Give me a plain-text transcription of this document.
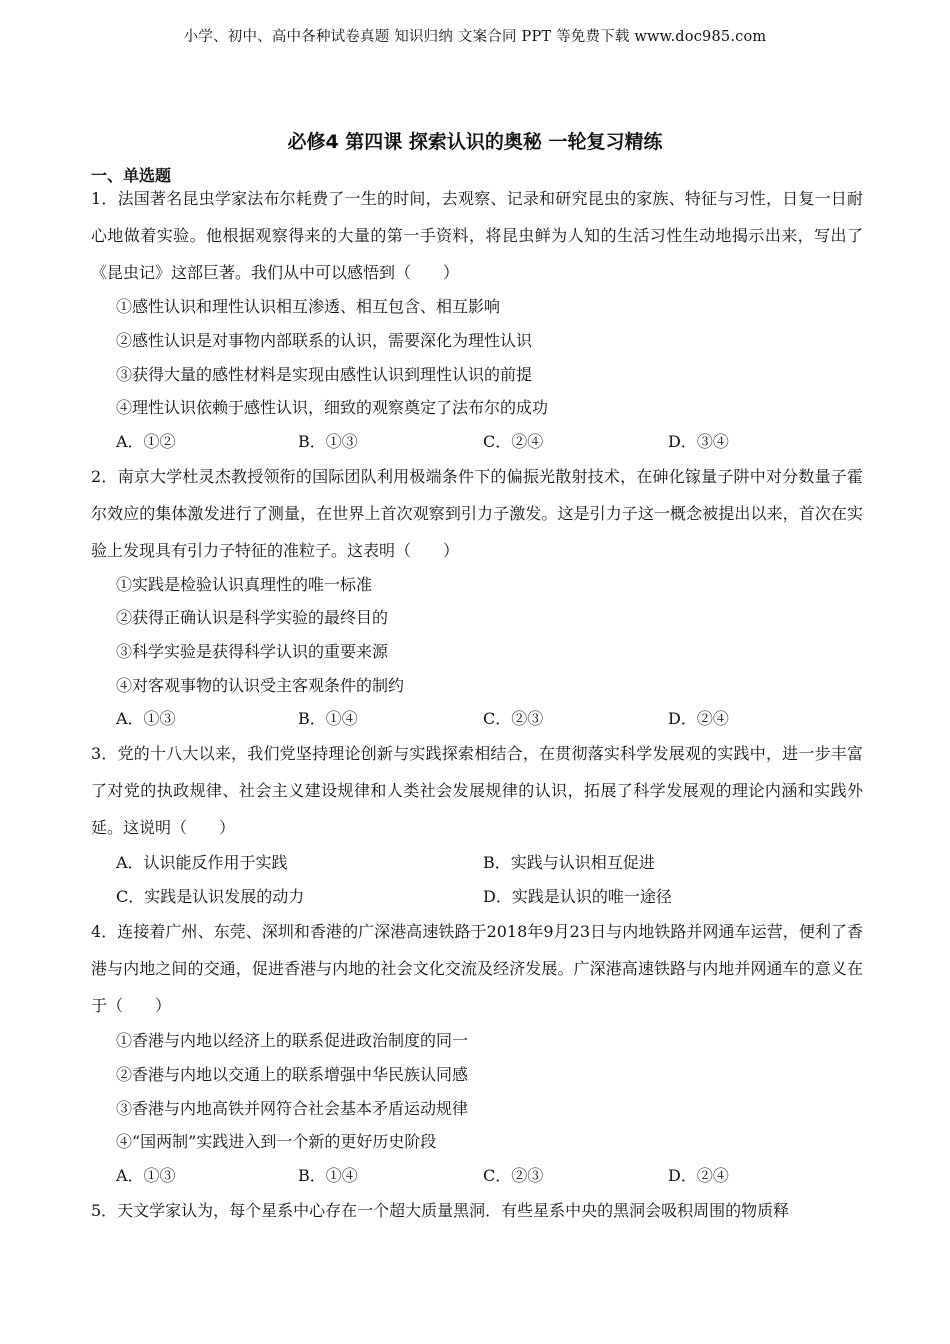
小学、初中、高中各种试卷真题 知识归纳 文案合同 PPT 等免费下载 www.doc985.com
必修4 第四课 探索认识的奥秘 一轮复习精练
一、单选题
1．法国著名昆虫学家法布尔耗费了一生的时间，去观察、记录和研究昆虫的家族、特征与习性，日复一日耐心地做着实验。他根据观察得来的大量的第一手资料，将昆虫鲜为人知的生活习性生动地揭示出来，写出了《昆虫记》这部巨著。我们从中可以感悟到（　　）
①感性认识和理性认识相互渗透、相互包含、相互影响
②感性认识是对事物内部联系的认识，需要深化为理性认识
③获得大量的感性材料是实现由感性认识到理性认识的前提
④理性认识依赖于感性认识，细致的观察奠定了法布尔的成功
A．①②	B．①③	C．②④	D．③④
2．南京大学杜灵杰教授领衔的国际团队利用极端条件下的偏振光散射技术，在砷化镓量子阱中对分数量子霍尔效应的集体激发进行了测量，在世界上首次观察到引力子激发。这是引力子这一概念被提出以来，首次在实验上发现具有引力子特征的准粒子。这表明（　　）
①实践是检验认识真理性的唯一标准
②获得正确认识是科学实验的最终目的
③科学实验是获得科学认识的重要来源
④对客观事物的认识受主客观条件的制约
A．①③	B．①④	C．②③	D．②④
3．党的十八大以来，我们党坚持理论创新与实践探索相结合，在贯彻落实科学发展观的实践中，进一步丰富了对党的执政规律、社会主义建设规律和人类社会发展规律的认识，拓展了科学发展观的理论内涵和实践外延。这说明（　　）
A．认识能反作用于实践	B．实践与认识相互促进
C．实践是认识发展的动力	D．实践是认识的唯一途径
4．连接着广州、东莞、深圳和香港的广深港高速铁路于2018年9月23日与内地铁路并网通车运营，便利了香港与内地之间的交通，促进香港与内地的社会文化交流及经济发展。广深港高速铁路与内地并网通车的意义在于（　　）
①香港与内地以经济上的联系促进政治制度的同一
②香港与内地以交通上的联系增强中华民族认同感
③香港与内地高铁并网符合社会基本矛盾运动规律
④“国两制”实践进入到一个新的更好历史阶段
A．①③	B．①④	C．②③	D．②④
5．天文学家认为，每个星系中心存在一个超大质量黑洞．有些星系中央的黑洞会吸积周围的物质释
